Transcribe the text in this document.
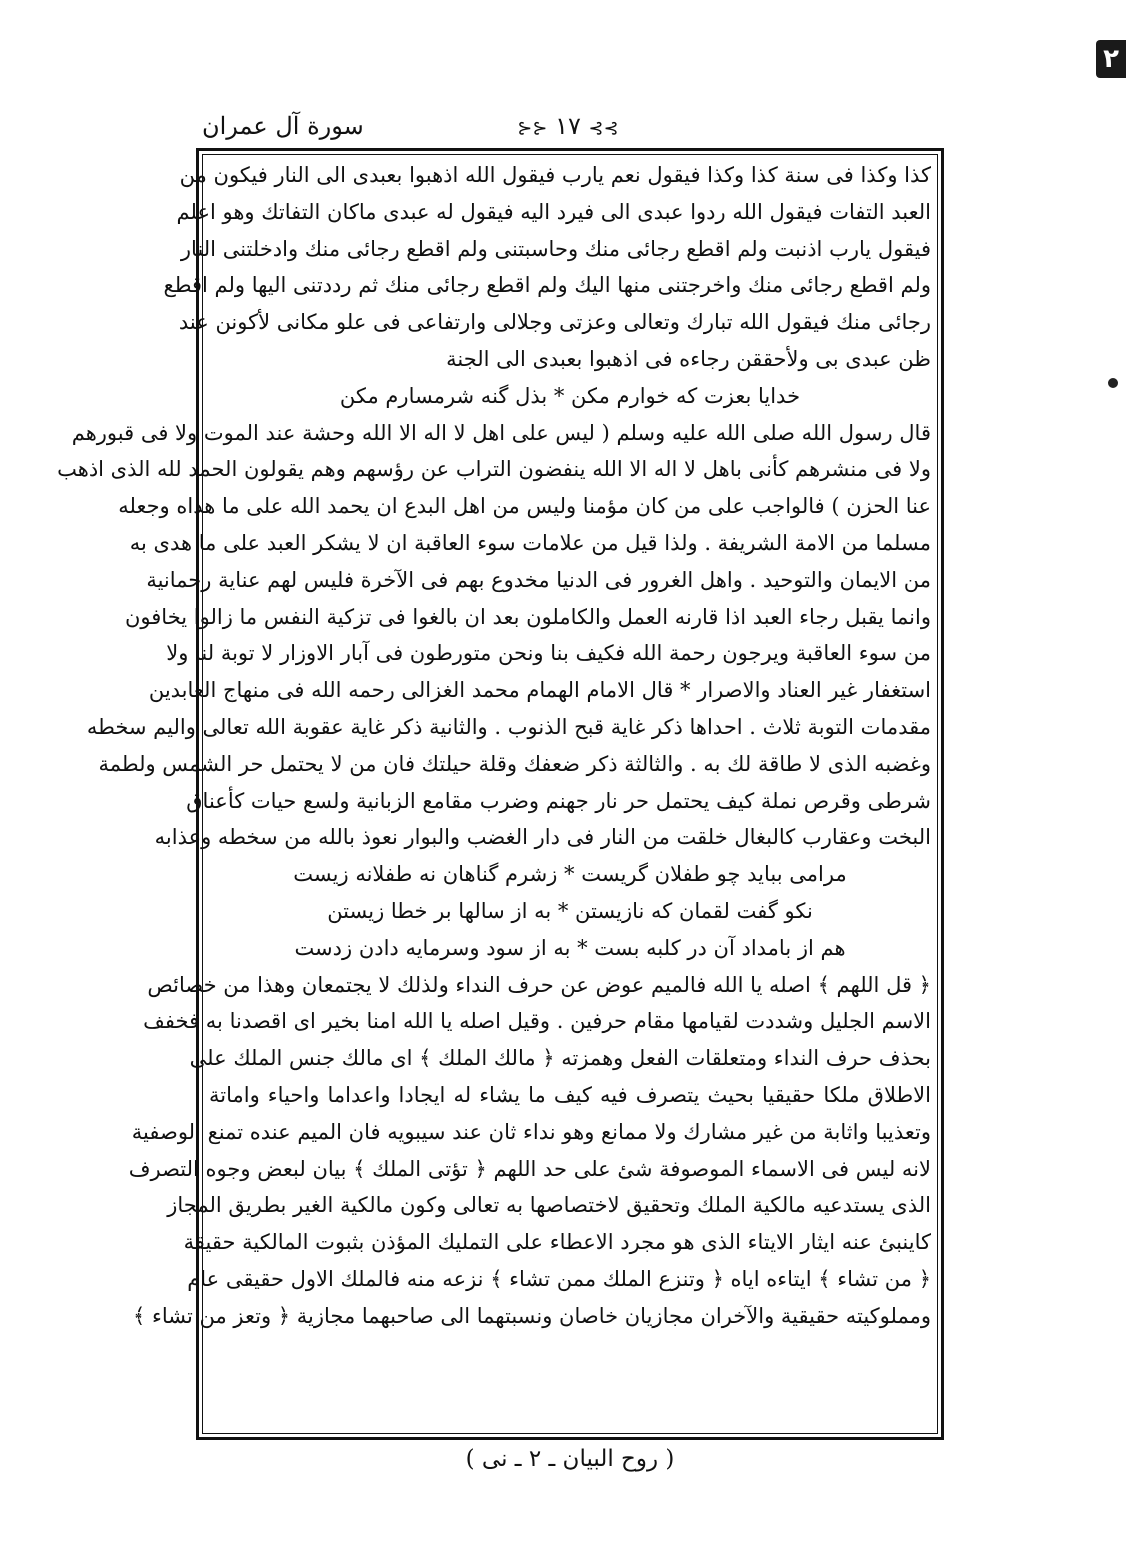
٢
سورة آل عمران	⊱⊱ ١٧ ⊰⊰
كذا وكذا فى سنة كذا وكذا فيقول نعم يارب فيقول الله اذهبوا بعبدى الى النار فيكون من
العبد التفات فيقول الله ردوا عبدى الى فيرد اليه فيقول له عبدى ماكان التفاتك وهو اعلم
فيقول يارب اذنبت ولم اقطع رجائى منك وحاسبتنى ولم اقطع رجائى منك وادخلتنى النار
ولم اقطع رجائى منك واخرجتنى منها اليك ولم اقطع رجائى منك ثم رددتنى اليها ولم اقطع
رجائى منك فيقول الله تبارك وتعالى وعزتى وجلالى وارتفاعى فى علو مكانى لأكونن عند
ظن عبدى بى ولأحققن رجاءه فى اذهبوا بعبدى الى الجنة
خدايا بعزت كه خوارم مكن * بذل گنه شرمسارم مكن
قال رسول الله صلى الله عليه وسلم ( ليس على اهل لا اله الا الله وحشة عند الموت ولا فى قبورهم
ولا فى منشرهم كأنى باهل لا اله الا الله ينفضون التراب عن رؤسهم وهم يقولون الحمد لله الذى اذهب
عنا الحزن ) فالواجب على من كان مؤمنا وليس من اهل البدع ان يحمد الله على ما هداه وجعله
مسلما من الامة الشريفة . ولذا قيل من علامات سوء العاقبة ان لا يشكر العبد على ما هدى به
من الايمان والتوحيد . واهل الغرور فى الدنيا مخدوع بهم فى الآخرة فليس لهم عناية رحمانية
وانما يقبل رجاء العبد اذا قارنه العمل والكاملون بعد ان بالغوا فى تزكية النفس ما زالوا يخافون
من سوء العاقبة ويرجون رحمة الله فكيف بنا ونحن متورطون فى آبار الاوزار لا توبة لنا ولا
استغفار غير العناد والاصرار * قال الامام الهمام محمد الغزالى رحمه الله فى منهاج العابدين
مقدمات التوبة ثلاث . احداها ذكر غاية قبح الذنوب . والثانية ذكر غاية عقوبة الله تعالى واليم سخطه
وغضبه الذى لا طاقة لك به . والثالثة ذكر ضعفك وقلة حيلتك فان من لا يحتمل حر الشمس ولطمة
شرطى وقرص نملة كيف يحتمل حر نار جهنم وضرب مقامع الزبانية ولسع حيات كأعناق
البخت وعقارب كالبغال خلقت من النار فى دار الغضب والبوار نعوذ بالله من سخطه وعذابه
مرامى بباید چو طفلان گریست * زشرم گناهان نه طفلانه زیست
نكو گفت لقمان كه نازيستن * به از سالها بر خطا زيستن
هم از بامداد آن در كلبه بست * به از سود وسرمايه دادن زدست
﴿ قل اللهم ﴾ اصله يا الله فالميم عوض عن حرف النداء ولذلك لا يجتمعان وهذا من خصائص
الاسم الجليل وشددت لقيامها مقام حرفين . وقيل اصله يا الله امنا بخير اى اقصدنا به فخفف
بحذف حرف النداء ومتعلقات الفعل وهمزته ﴿ مالك الملك ﴾ اى مالك جنس الملك على
الاطلاق ملكا حقيقيا بحيث يتصرف فيه كيف ما يشاء له ايجادا واعداما واحياء واماتة
وتعذيبا واثابة من غير مشارك ولا ممانع وهو نداء ثان عند سيبويه فان الميم عنده تمنع الوصفية
لانه ليس فى الاسماء الموصوفة شئ على حد اللهم ﴿ تؤتى الملك ﴾ بيان لبعض وجوه التصرف
الذى يستدعيه مالكية الملك وتحقيق لاختصاصها به تعالى وكون مالكية الغير بطريق المجاز
كاينبئ عنه ايثار الايتاء الذى هو مجرد الاعطاء على التمليك المؤذن بثبوت المالكية حقيقة
﴿ من تشاء ﴾ ايتاءه اياه ﴿ وتنزع الملك ممن تشاء ﴾ نزعه منه فالملك الاول حقيقى عام
ومملوكيته حقيقية والآخران مجازيان خاصان ونسبتهما الى صاحبهما مجازية ﴿ وتعز من تشاء ﴾
( روح البيان ـ ٢ ـ نى )
